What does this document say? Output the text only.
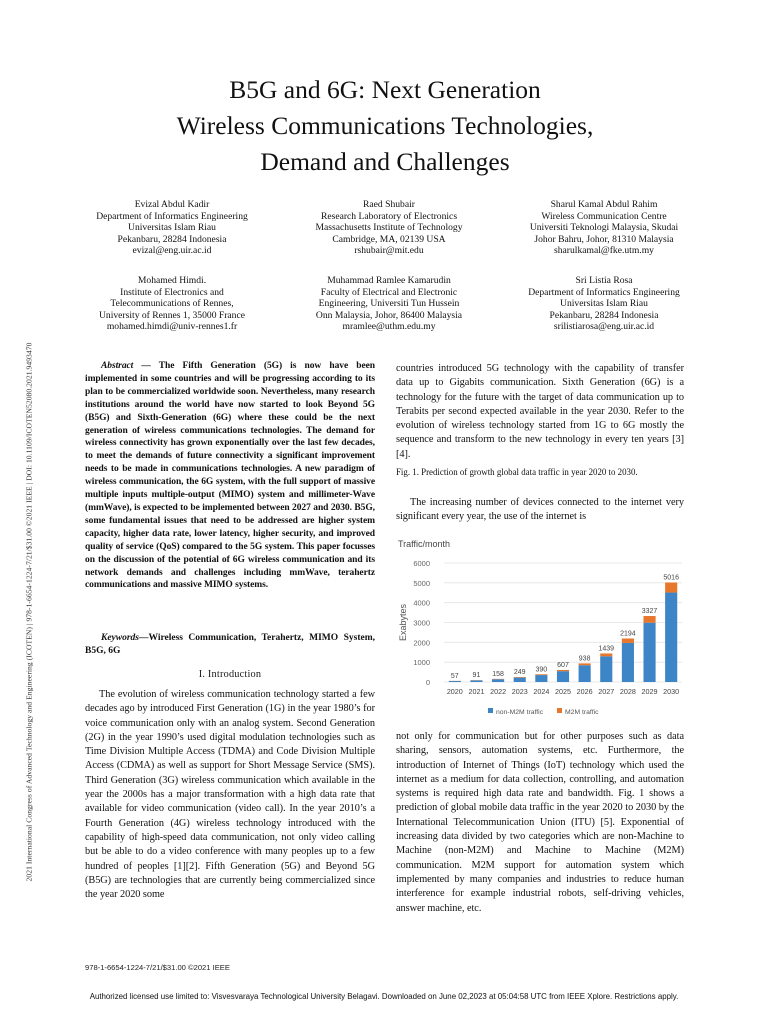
2021 International Congress of Advanced Technology and Engineering (ICOTEN) | 978-1-6654-1224-7/21/$31.00 ©2021 IEEE | DOI: 10.1109/ICOTEN52080.2021.9493470
B5G and 6G: Next Generation
Wireless Communications Technologies,
Demand and Challenges
Evizal Abdul Kadir
Department of Informatics Engineering
Universitas Islam Riau
Pekanbaru, 28284 Indonesia
evizal@eng.uir.ac.id
Raed Shubair
Research Laboratory of Electronics
Massachusetts Institute of Technology
Cambridge, MA, 02139 USA
rshubair@mit.edu
Sharul Kamal Abdul Rahim
Wireless Communication Centre
Universiti Teknologi Malaysia, Skudai
Johor Bahru, Johor, 81310 Malaysia
sharulkamal@fke.utm.my
Mohamed Himdi.
Institute of Electronics and
Telecommunications of Rennes,
University of Rennes 1, 35000 France
mohamed.himdi@univ-rennes1.fr
Muhammad Ramlee Kamarudin
Faculty of Electrical and Electronic
Engineering, Universiti Tun Hussein
Onn Malaysia, Johor, 86400 Malaysia
mramlee@uthm.edu.my
Sri Listia Rosa
Department of Informatics Engineering
Universitas Islam Riau
Pekanbaru, 28284 Indonesia
srilistiarosa@eng.uir.ac.id
Abstract — The Fifth Generation (5G) is now have been implemented in some countries and will be progressing according to its plan to be commercialized worldwide soon. Nevertheless, many research institutions around the world have now started to look Beyond 5G (B5G) and Sixth-Generation (6G) where these could be the next generation of wireless communications technologies. The demand for wireless connectivity has grown exponentially over the last few decades, to meet the demands of future connectivity a significant improvement needs to be made in communications technologies. A new paradigm of wireless communication, the 6G system, with the full support of massive multiple inputs multiple-output (MIMO) system and millimeter-Wave (mmWave), is expected to be implemented between 2027 and 2030. B5G, some fundamental issues that need to be addressed are higher system capacity, higher data rate, lower latency, higher security, and improved quality of service (QoS) compared to the 5G system. This paper focusses on the discussion of the potential of 6G wireless communication and its network demands and challenges including mmWave, terahertz communications and massive MIMO systems.
Keywords—Wireless Communication, Terahertz, MIMO System, B5G, 6G
I. Introduction
The evolution of wireless communication technology started a few decades ago by introduced First Generation (1G) in the year 1980’s for voice communication only with an analog system. Second Generation (2G) in the year 1990’s used digital modulation technologies such as Time Division Multiple Access (TDMA) and Code Division Multiple Access (CDMA) as well as support for Short Message Service (SMS). Third Generation (3G) wireless communication which available in the year the 2000s has a major transformation with a high data rate that available for video communication (video call). In the year 2010’s a Fourth Generation (4G) wireless technology introduced with the capability of high-speed data communication, not only video calling but be able to do a video conference with many peoples up to a few hundred of peoples [1][2]. Fifth Generation (5G) and Beyond 5G (B5G) are technologies that are currently being commercialized since the year 2020 some
countries introduced 5G technology with the capability of transfer data up to Gigabits communication. Sixth Generation (6G) is a technology for the future with the target of data communication up to Terabits per second expected available in the year 2030. Refer to the evolution of wireless technology started from 1G to 6G mostly the sequence and transform to the new technology in every ten years [3][4].
Fig. 1. Prediction of growth global data traffic in year 2020 to 2030.
The increasing number of devices connected to the internet very significant every year, the use of the internet is
Traffic/month
Exabytes
0
1000
2000
3000
4000
5000
6000
57
2020
91
2021
158
2022
249
2023
390
2024
607
2025
938
2026
1439
2027
2194
2028
3327
2029
5016
2030
non-M2M traffic	M2M traffic
not only for communication but for other purposes such as data sharing, sensors, automation systems, etc. Furthermore, the introduction of Internet of Things (IoT) technology which used the internet as a medium for data collection, controlling, and automation systems is required high data rate and bandwidth. Fig. 1 shows a prediction of global mobile data traffic in the year 2020 to 2030 by the International Telecommunication Union (ITU) [5]. Exponential of increasing data divided by two categories which are non-Machine to Machine (non-M2M) and Machine to Machine (M2M) communication. M2M support for automation system which implemented by many companies and industries to reduce human interference for example industrial robots, self-driving vehicles, answer machine, etc.
978-1-6654-1224-7/21/$31.00 ©2021 IEEE
Authorized licensed use limited to: Visvesvaraya Technological University Belagavi. Downloaded on June 02,2023 at 05:04:58 UTC from IEEE Xplore. Restrictions apply.
